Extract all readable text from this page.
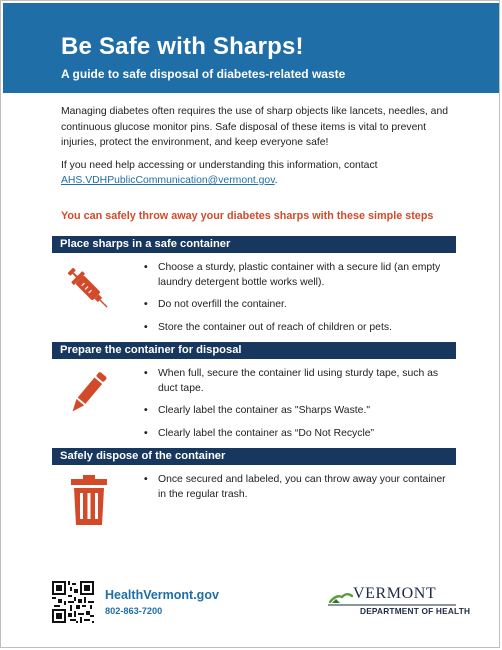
Be Safe with Sharps!
A guide to safe disposal of diabetes-related waste

Managing diabetes often requires the use of sharp objects like lancets, needles, and continuous glucose monitor pins. Safe disposal of these items is vital to prevent injuries, protect the environment, and keep everyone safe!

If you need help accessing or understanding this information, contact AHS.VDHPublicCommunication@vermont.gov.

You can safely throw away your diabetes sharps with these simple steps
Place sharps in a safe container
• Choose a sturdy, plastic container with a secure lid (an empty laundry detergent bottle works well).
• Do not overfill the container.
• Store the container out of reach of children or pets.
Prepare the container for disposal
• When full, secure the container lid using sturdy tape, such as duct tape.
• Clearly label the container as "Sharps Waste."
• Clearly label the container as “Do Not Recycle”
Safely dispose of the container
• Once secured and labeled, you can throw away your container in the regular trash.
HealthVermont.gov
802-863-7200
VERMONT
DEPARTMENT OF HEALTH
